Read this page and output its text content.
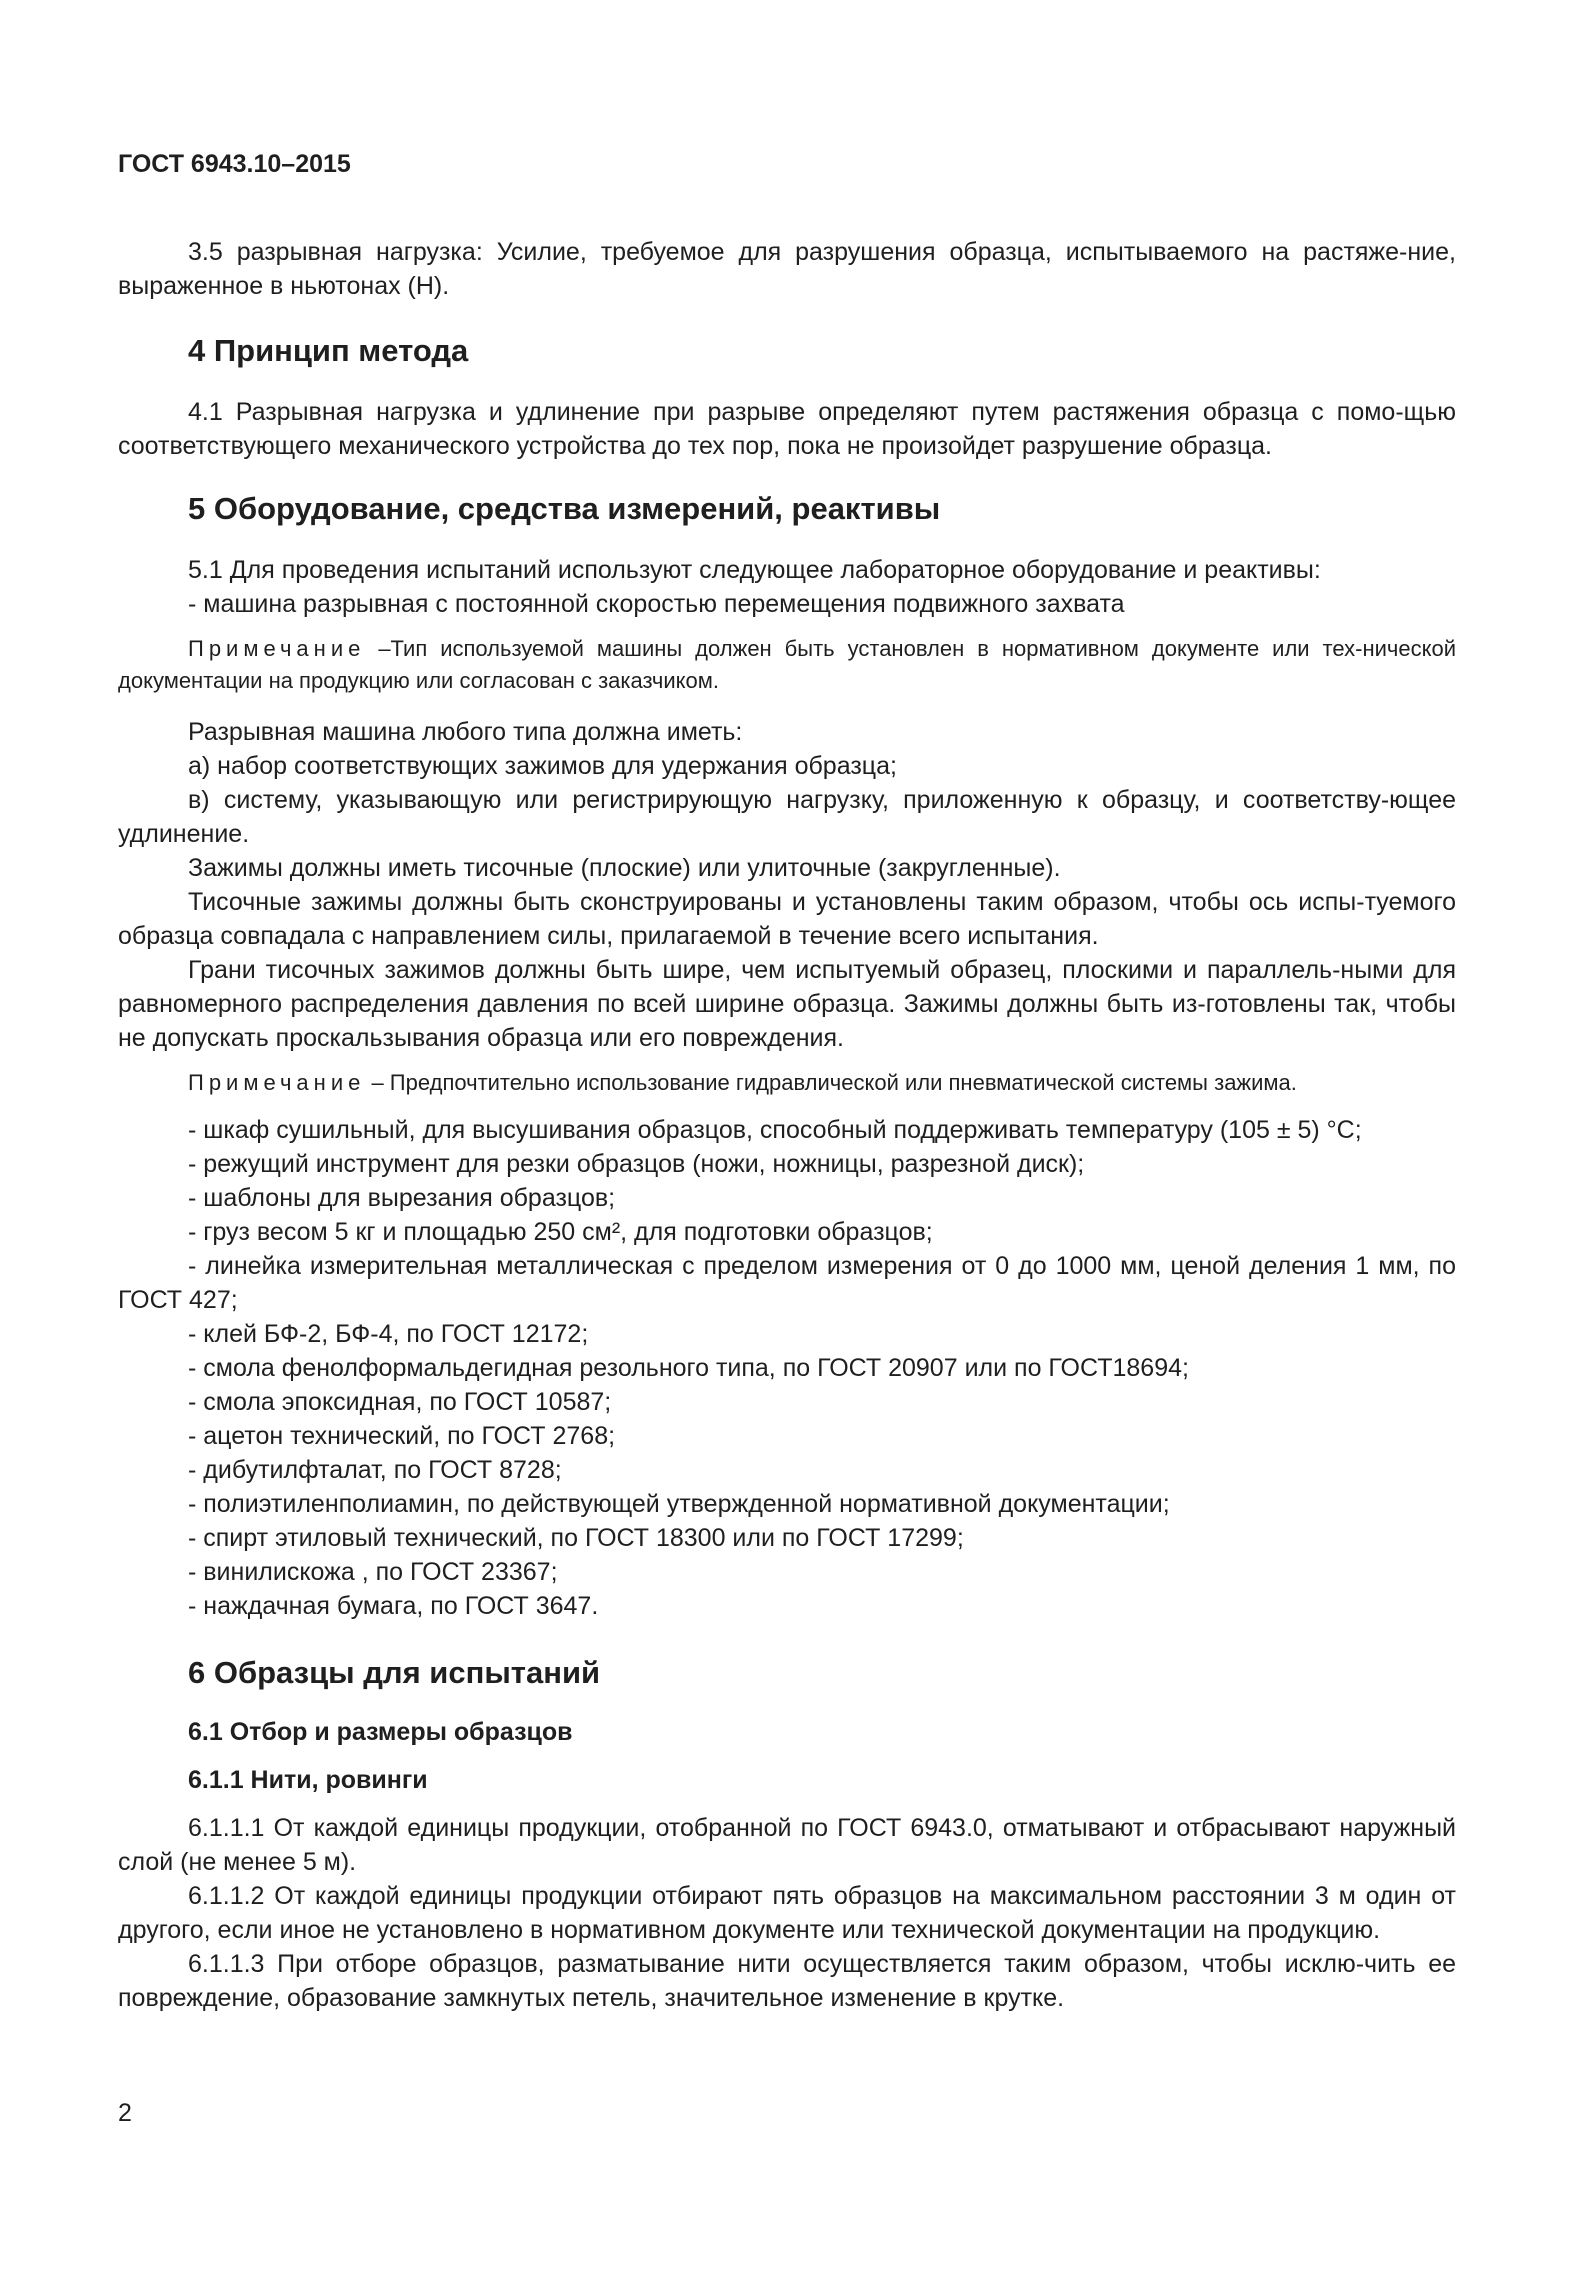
ГОСТ 6943.10–2015

3.5 разрывная нагрузка: Усилие, требуемое для разрушения образца, испытываемого на растяже-ние, выраженное в ньютонах (Н).

4 Принцип метода

4.1 Разрывная нагрузка и удлинение при разрыве определяют путем растяжения образца с помо-щью соответствующего механического устройства до тех пор, пока не произойдет разрушение образца.

5 Оборудование, средства измерений, реактивы

5.1 Для проведения испытаний используют следующее лабораторное оборудование и реактивы:

- машина разрывная с постоянной скоростью перемещения подвижного захвата

Примечание –Тип используемой машины должен быть установлен в нормативном документе или тех-нической документации на продукцию или согласован с заказчиком.

Разрывная машина любого типа должна иметь:

а) набор соответствующих зажимов для удержания образца;

в) систему, указывающую или регистрирующую нагрузку, приложенную к образцу, и соответству-ющее удлинение.

Зажимы должны иметь тисочные (плоские) или улиточные (закругленные).

Тисочные зажимы должны быть сконструированы и установлены таким образом, чтобы ось испы-туемого образца совпадала с направлением силы, прилагаемой в течение всего испытания.

Грани тисочных зажимов должны быть шире, чем испытуемый образец, плоскими и параллель-ными для равномерного распределения давления по всей ширине образца. Зажимы должны быть из-готовлены так, чтобы не допускать проскальзывания образца или его повреждения.

Примечание – Предпочтительно использование гидравлической или пневматической системы зажима.

- шкаф сушильный, для высушивания образцов, способный поддерживать температуру (105 ± 5) °С;

- режущий инструмент для резки образцов (ножи, ножницы, разрезной диск);

- шаблоны для вырезания образцов;

- груз весом 5 кг и площадью 250 см², для подготовки образцов;

- линейка измерительная металлическая с пределом измерения от 0 до 1000 мм, ценой деления 1 мм, по ГОСТ 427;

- клей БФ-2, БФ-4, по ГОСТ 12172;

- смола фенолформальдегидная резольного типа, по ГОСТ 20907 или по ГОСТ18694;

- смола эпоксидная, по ГОСТ 10587;

- ацетон технический, по ГОСТ 2768;

- дибутилфталат, по ГОСТ 8728;

- полиэтиленполиамин, по действующей утвержденной нормативной документации;

- спирт этиловый технический, по ГОСТ 18300 или по ГОСТ 17299;

- винилискожа , по ГОСТ 23367;

- наждачная бумага, по ГОСТ 3647.

6 Образцы для испытаний
6.1 Отбор и размеры образцов
6.1.1 Нити, ровинги

6.1.1.1 От каждой единицы продукции, отобранной по ГОСТ 6943.0, отматывают и отбрасывают наружный слой (не менее 5 м).

6.1.1.2 От каждой единицы продукции отбирают пять образцов на максимальном расстоянии 3 м один от другого, если иное не установлено в нормативном документе или технической документации на продукцию.

6.1.1.3 При отборе образцов, разматывание нити осуществляется таким образом, чтобы исклю-чить ее повреждение, образование замкнутых петель, значительное изменение в крутке.

2
